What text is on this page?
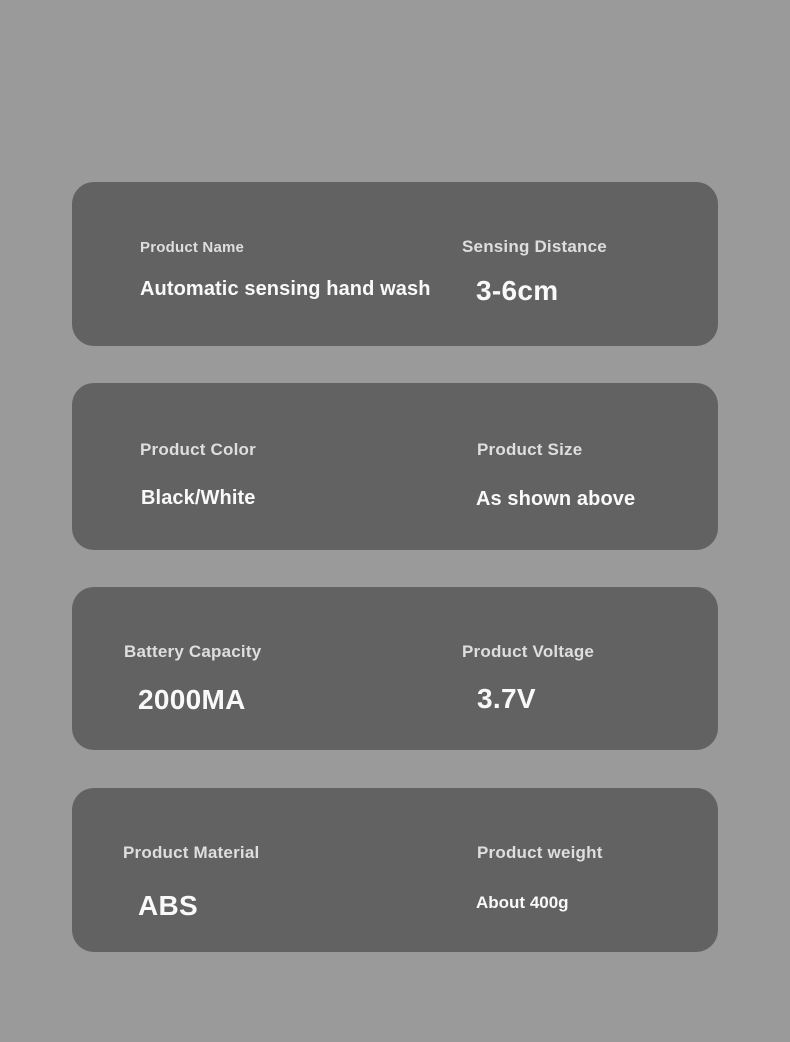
Product Name
Automatic sensing hand wash
Sensing Distance
3-6cm
Product Color
Black/White
Product Size
As shown above
Battery Capacity
2000MA
Product Voltage
3.7V
Product Material
ABS
Product weight
About 400g
